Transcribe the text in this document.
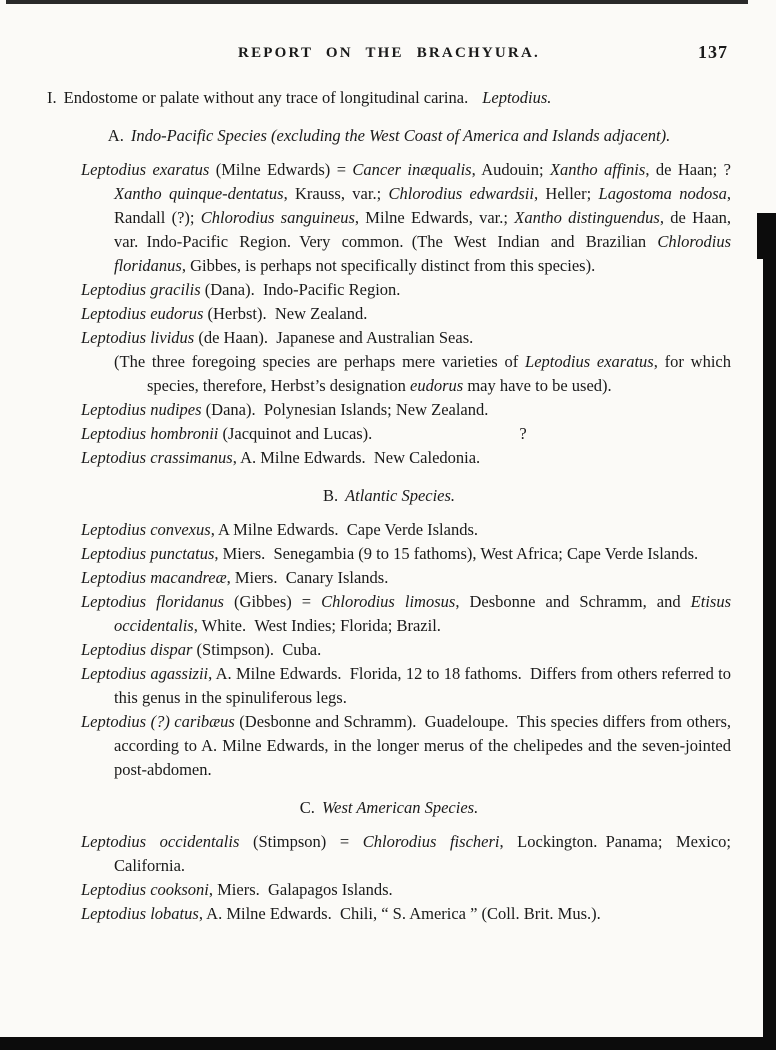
REPORT ON THE BRACHYURA.	137

I. Endostome or palate without any trace of longitudinal carina. Leptodius.

A. Indo-Pacific Species (excluding the West Coast of America and Islands adjacent).

Leptodius exaratus (Milne Edwards) = Cancer inæqualis, Audouin; Xantho affinis, de Haan; ? Xantho quinque-dentatus, Krauss, var.; Chlorodius edwardsii, Heller; Lagostoma nodosa, Randall (?); Chlorodius sanguineus, Milne Edwards, var.; Xantho distinguendus, de Haan, var. Indo-Pacific Region. Very common. (The West Indian and Brazilian Chlorodius floridanus, Gibbes, is perhaps not specifically distinct from this species).

Leptodius gracilis (Dana). Indo-Pacific Region.

Leptodius eudorus (Herbst). New Zealand.

Leptodius lividus (de Haan). Japanese and Australian Seas.

(The three foregoing species are perhaps mere varieties of Leptodius exaratus, for which species, therefore, Herbst’s designation eudorus may have to be used).

Leptodius nudipes (Dana). Polynesian Islands; New Zealand.

Leptodius hombronii (Jacquinot and Lucas).	?

Leptodius crassimanus, A. Milne Edwards. New Caledonia.

B. Atlantic Species.

Leptodius convexus, A Milne Edwards. Cape Verde Islands.

Leptodius punctatus, Miers. Senegambia (9 to 15 fathoms), West Africa; Cape Verde Islands.

Leptodius macandreæ, Miers. Canary Islands.

Leptodius floridanus (Gibbes) = Chlorodius limosus, Desbonne and Schramm, and Etisus occidentalis, White. West Indies; Florida; Brazil.

Leptodius dispar (Stimpson). Cuba.

Leptodius agassizii, A. Milne Edwards. Florida, 12 to 18 fathoms. Differs from others referred to this genus in the spinuliferous legs.

Leptodius (?) caribæus (Desbonne and Schramm). Guadeloupe. This species differs from others, according to A. Milne Edwards, in the longer merus of the chelipedes and the seven-jointed post-abdomen.

C. West American Species.

Leptodius occidentalis (Stimpson) = Chlorodius fischeri, Lockington. Panama; Mexico; California.

Leptodius cooksoni, Miers. Galapagos Islands.

Leptodius lobatus, A. Milne Edwards. Chili, “ S. America ” (Coll. Brit. Mus.).
